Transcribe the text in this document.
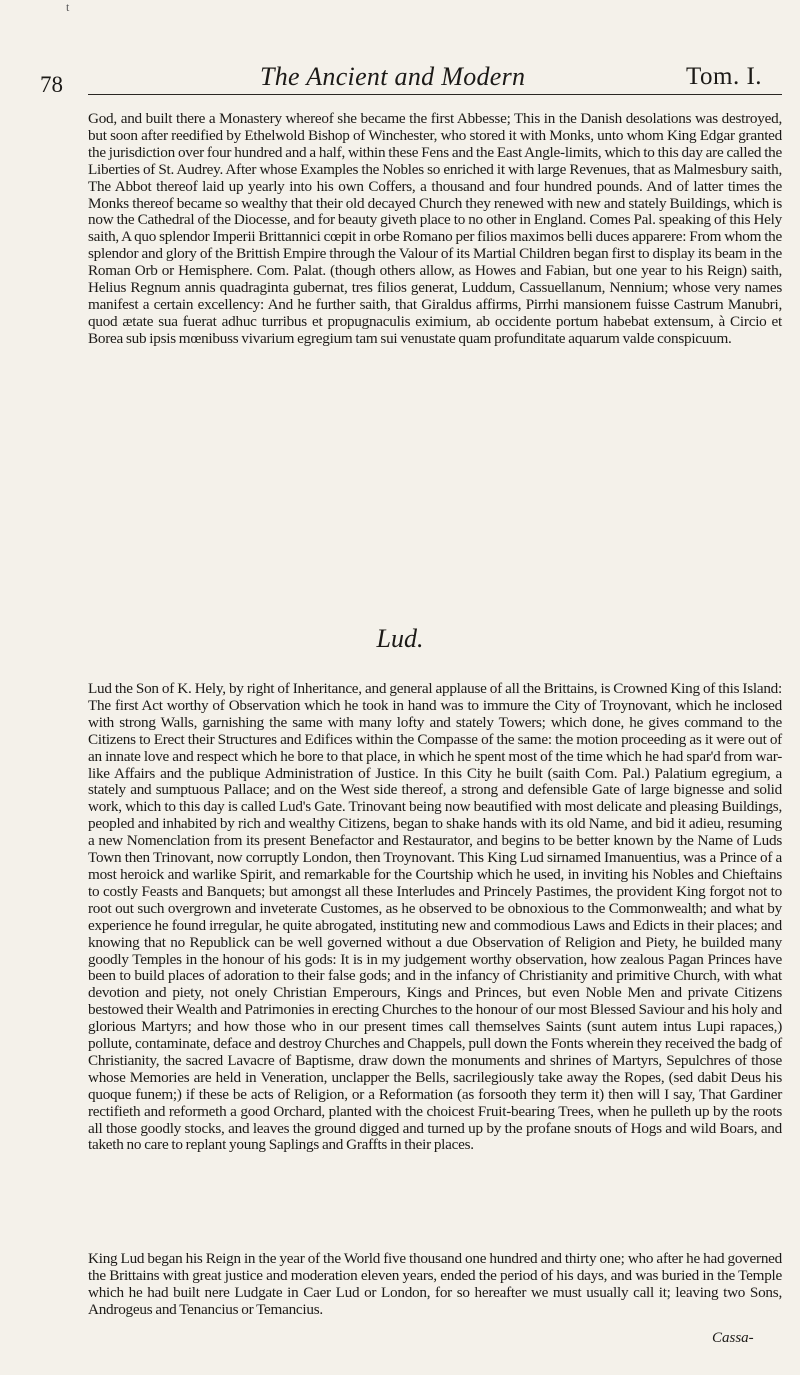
t
78	The Ancient and Modern	Tom. I.

God, and built there a Monastery whereof she became the first Abbesse; This in the Danish desolations was destroyed, but soon after reedified by Ethelwold Bishop of Winchester, who stored it with Monks, unto whom King Edgar granted the jurisdiction over four hundred and a half, within these Fens and the East Angle-limits, which to this day are called the Liberties of St. Audrey. After whose Examples the Nobles so enriched it with large Revenues, that as Malmesbury saith, The Abbot thereof laid up yearly into his own Coffers, a thousand and four hundred pounds. And of latter times the Monks thereof became so wealthy that their old decayed Church they renewed with new and stately Buildings, which is now the Cathedral of the Diocesse, and for beauty giveth place to no other in England. Comes Pal. speaking of this Hely saith, A quo splendor Imperii Brittannici cœpit in orbe Romano per filios maximos belli duces apparere: From whom the splendor and glory of the Brittish Empire through the Valour of its Martial Children began first to display its beam in the Roman Orb or Hemisphere. Com. Palat. (though others allow, as Howes and Fabian, but one year to his Reign) saith, Helius Regnum annis quadraginta gubernat, tres filios generat, Luddum, Cassuellanum, Nennium; whose very names manifest a certain excellency: And he further saith, that Giraldus affirms, Pirrhi mansionem fuisse Castrum Manubri, quod ætate sua fuerat adhuc turribus et propugnaculis eximium, ab occidente portum habebat extensum, à Circio et Borea sub ipsis mœnibuss vivarium egregium tam sui venustate quam profunditate aquarum valde conspicuum.

Lud.

Lud the Son of K. Hely, by right of Inheritance, and general applause of all the Brittains, is Crowned King of this Island: The first Act worthy of Observation which he took in hand was to immure the City of Troynovant, which he inclosed with strong Walls, garnishing the same with many lofty and stately Towers; which done, he gives command to the Citizens to Erect their Structures and Edifices within the Compasse of the same: the motion proceeding as it were out of an innate love and respect which he bore to that place, in which he spent most of the time which he had spar'd from war-like Affairs and the publique Administration of Justice. In this City he built (saith Com. Pal.) Palatium egregium, a stately and sumptuous Pallace; and on the West side thereof, a strong and defensible Gate of large bignesse and solid work, which to this day is called Lud's Gate. Trinovant being now beautified with most delicate and pleasing Buildings, peopled and inhabited by rich and wealthy Citizens, began to shake hands with its old Name, and bid it adieu, resuming a new Nomenclation from its present Benefactor and Restaurator, and begins to be better known by the Name of Luds Town then Trinovant, now corruptly London, then Troynovant. This King Lud sirnamed Imanuentius, was a Prince of a most heroick and warlike Spirit, and remarkable for the Courtship which he used, in inviting his Nobles and Chieftains to costly Feasts and Banquets; but amongst all these Interludes and Princely Pastimes, the provident King forgot not to root out such overgrown and inveterate Customes, as he observed to be obnoxious to the Commonwealth; and what by experience he found irregular, he quite abrogated, instituting new and commodious Laws and Edicts in their places; and knowing that no Republick can be well governed without a due Observation of Religion and Piety, he builded many goodly Temples in the honour of his gods: It is in my judgement worthy observation, how zealous Pagan Princes have been to build places of adoration to their false gods; and in the infancy of Christianity and primitive Church, with what devotion and piety, not onely Christian Emperours, Kings and Princes, but even Noble Men and private Citizens bestowed their Wealth and Patrimonies in erecting Churches to the honour of our most Blessed Saviour and his holy and glorious Martyrs; and how those who in our present times call themselves Saints (sunt autem intus Lupi rapaces,) pollute, contaminate, deface and destroy Churches and Chappels, pull down the Fonts wherein they received the badg of Christianity, the sacred Lavacre of Baptisme, draw down the monuments and shrines of Martyrs, Sepulchres of those whose Memories are held in Veneration, unclapper the Bells, sacrilegiously take away the Ropes, (sed dabit Deus his quoque funem;) if these be acts of Religion, or a Reformation (as forsooth they term it) then will I say, That Gardiner rectifieth and reformeth a good Orchard, planted with the choicest Fruit-bearing Trees, when he pulleth up by the roots all those goodly stocks, and leaves the ground digged and turned up by the profane snouts of Hogs and wild Boars, and taketh no care to replant young Saplings and Graffts in their places.

King Lud began his Reign in the year of the World five thousand one hundred and thirty one; who after he had governed the Brittains with great justice and moderation eleven years, ended the period of his days, and was buried in the Temple which he had built nere Ludgate in Caer Lud or London, for so hereafter we must usually call it; leaving two Sons, Androgeus and Tenancius or Temancius.

Cassa-
